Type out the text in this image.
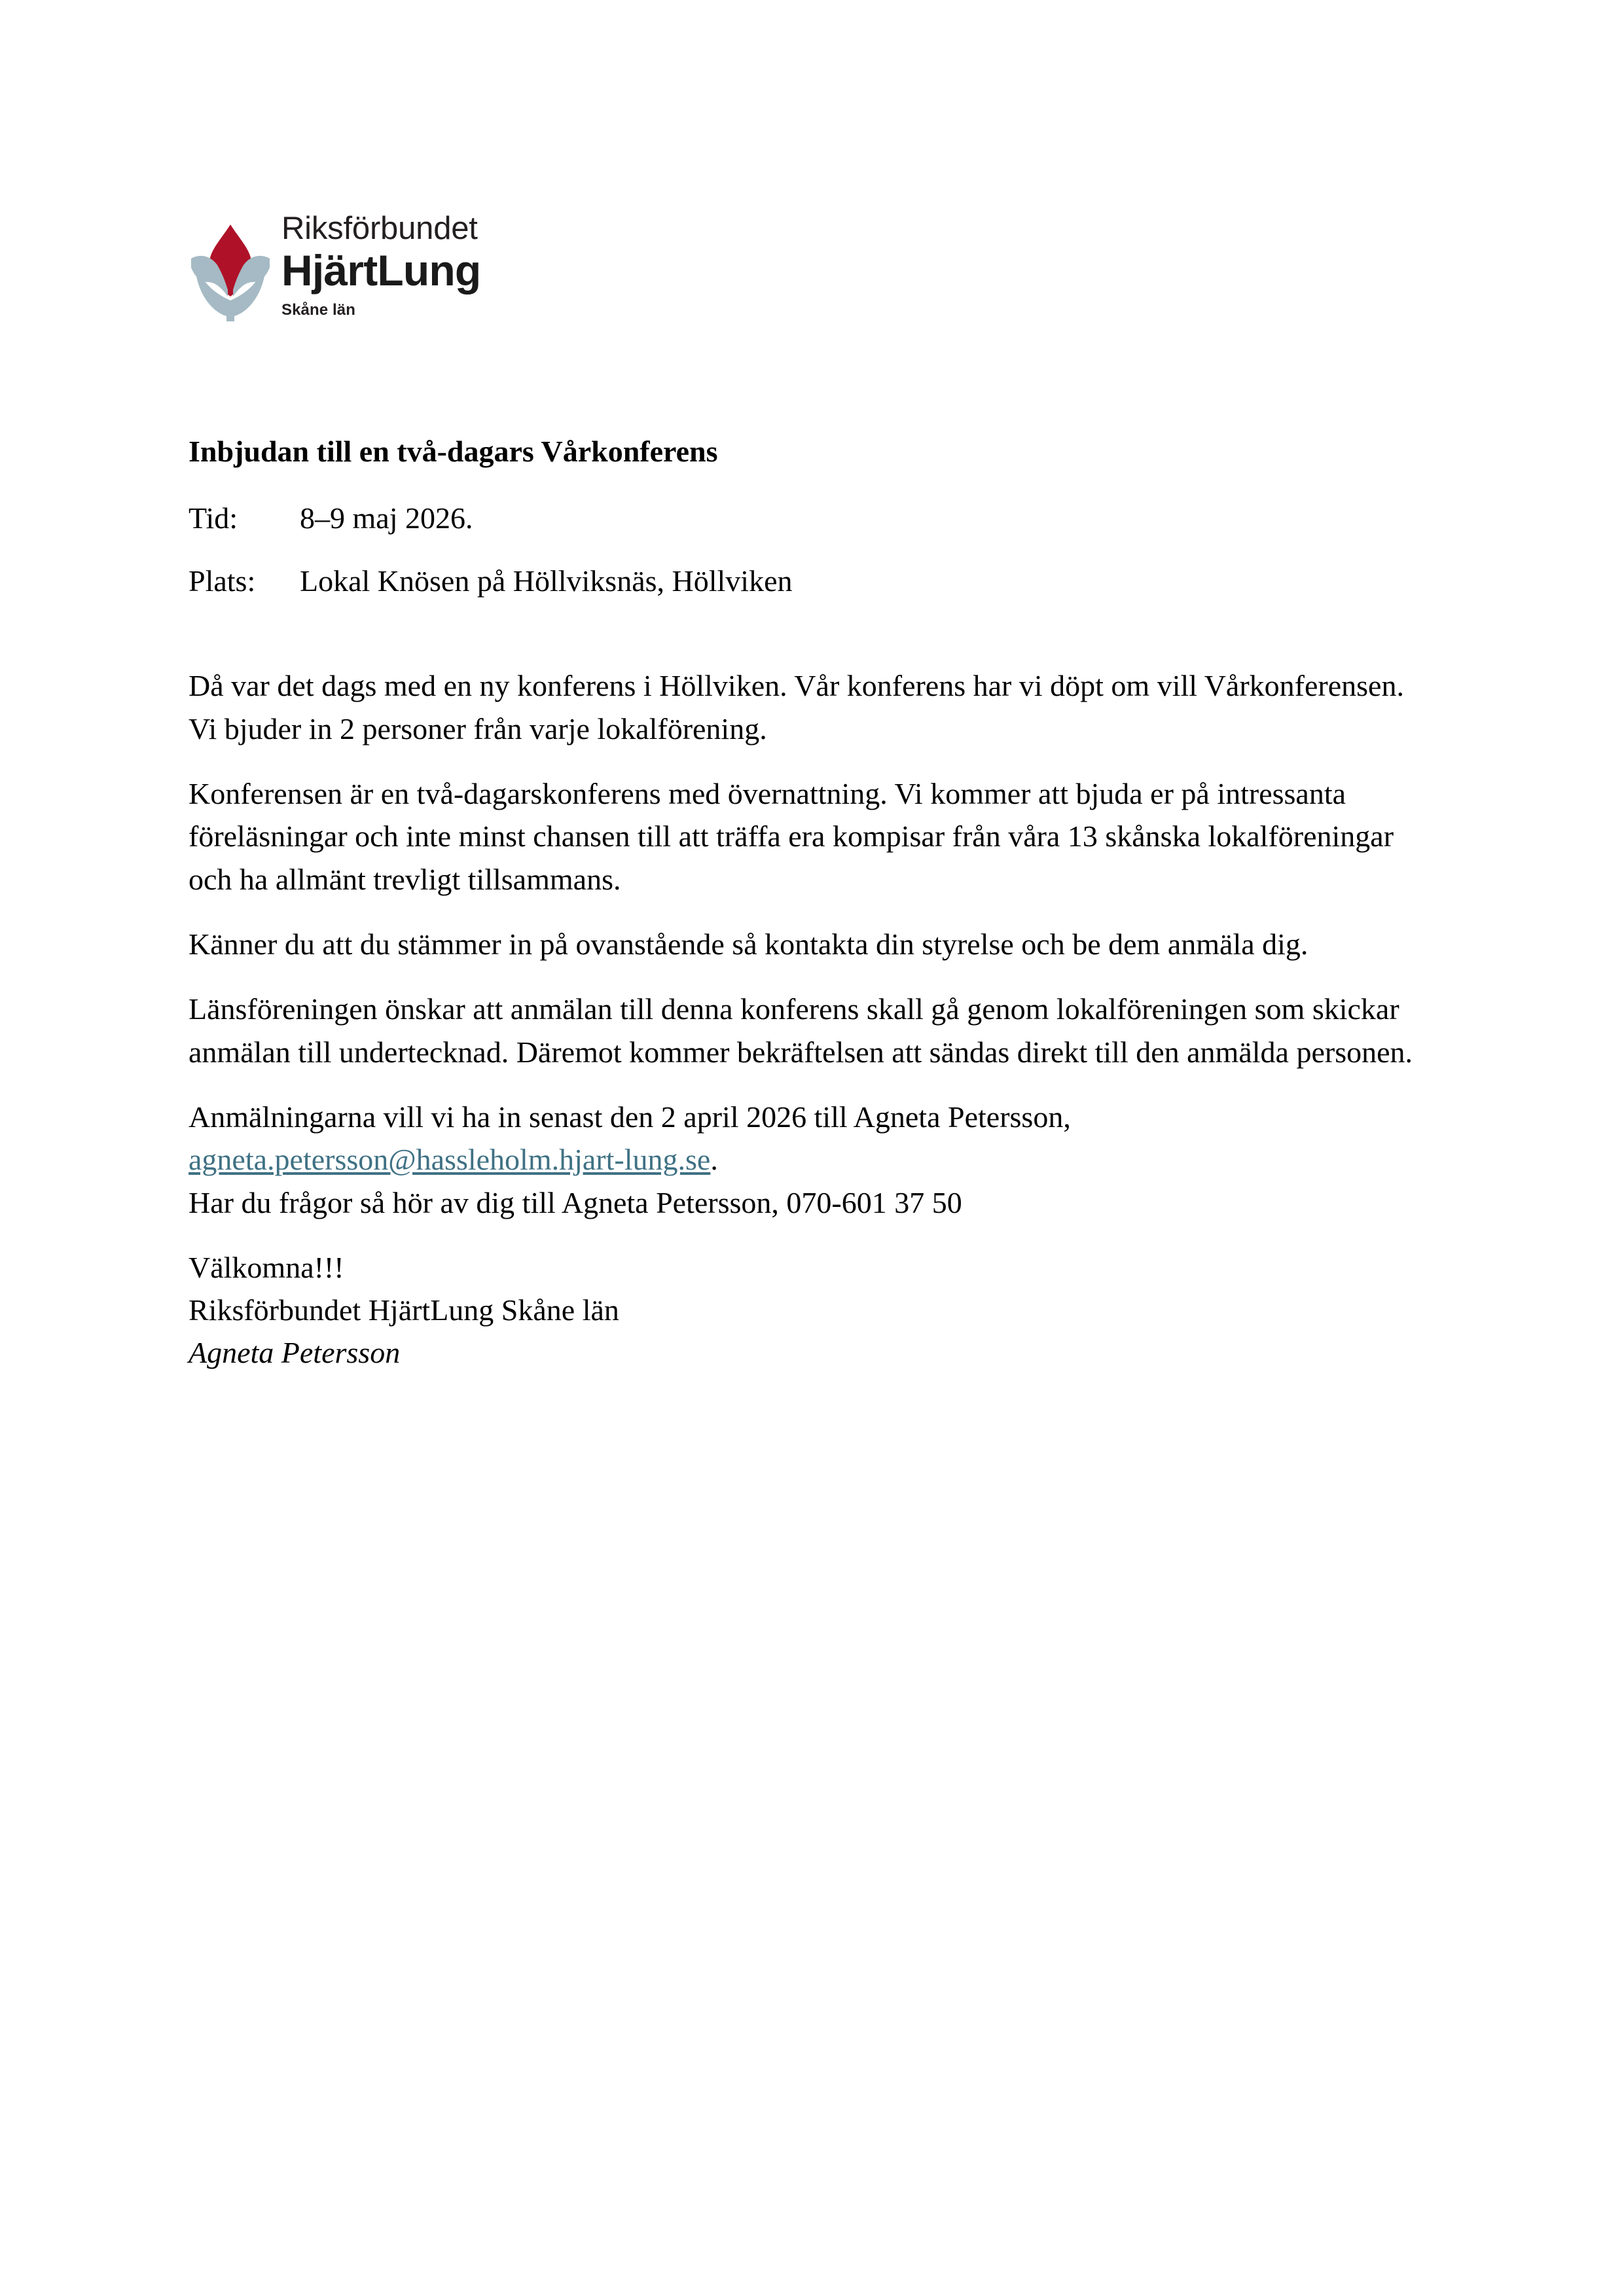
Riksförbundet
HjärtLung
Skåne län
Inbjudan till en två-dagars Vårkonferens
Tid:	8–9 maj 2026.
Plats:	Lokal Knösen på Höllviksnäs, Höllviken

Då var det dags med en ny konferens i Höllviken. Vår konferens har vi döpt om vill Vårkonferensen. Vi bjuder in 2 personer från varje lokalförening.

Konferensen är en två-dagarskonferens med övernattning. Vi kommer att bjuda er på intressanta föreläsningar och inte minst chansen till att träffa era kompisar från våra 13 skånska lokalföreningar och ha allmänt trevligt tillsammans.

Känner du att du stämmer in på ovanstående så kontakta din styrelse och be dem anmäla dig.

Länsföreningen önskar att anmälan till denna konferens skall gå genom lokalföreningen som skickar anmälan till undertecknad. Däremot kommer bekräftelsen att sändas direkt till den anmälda personen.

Anmälningarna vill vi ha in senast den 2 april 2026 till Agneta Petersson,
agneta.petersson@hassleholm.hjart-lung.se.
Har du frågor så hör av dig till Agneta Petersson, 070-601 37 50

Välkomna!!!
Riksförbundet HjärtLung Skåne län
Agneta Petersson
